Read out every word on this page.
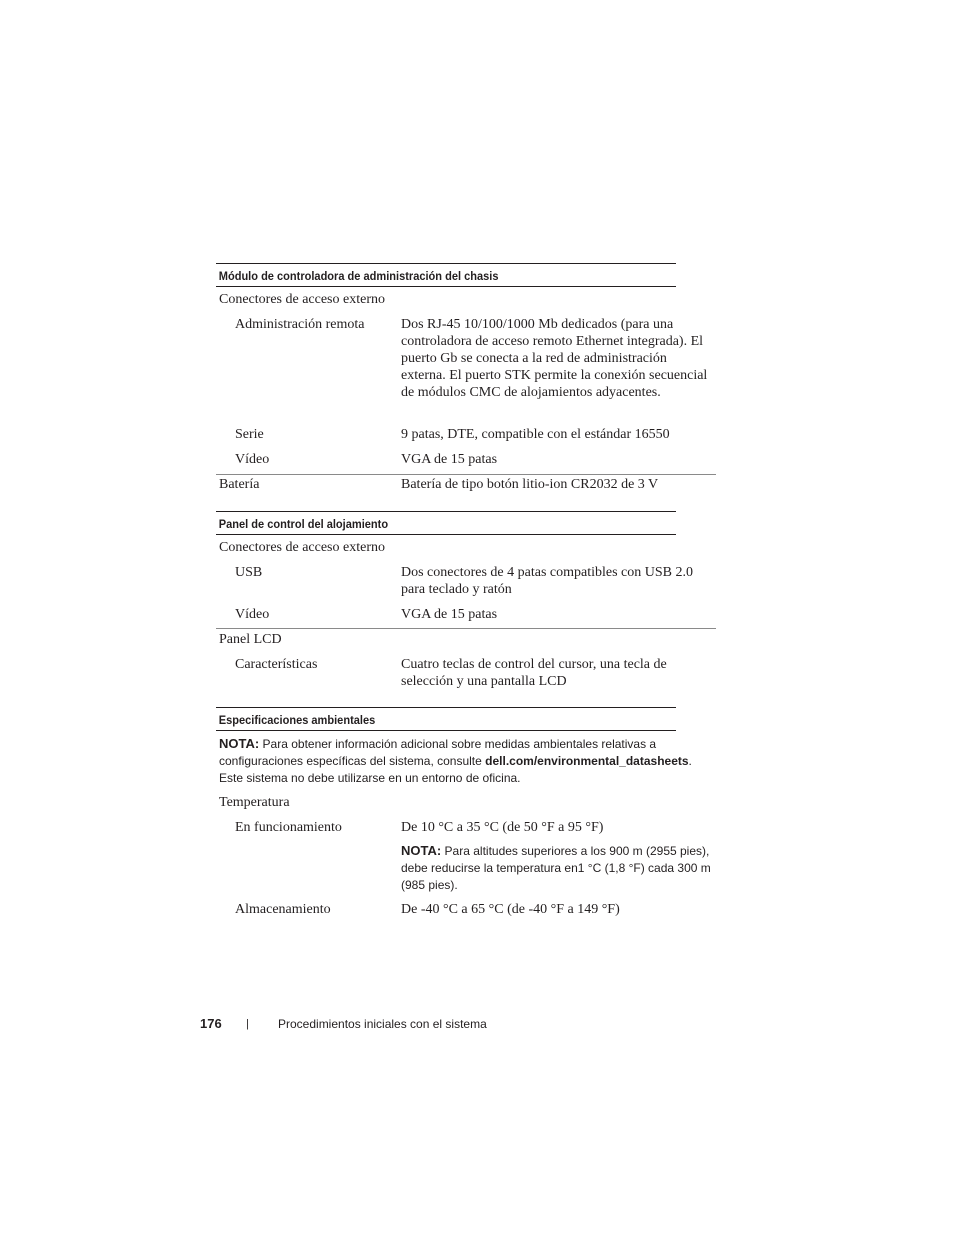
Módulo de controladora de administración del chasis
Conectores de acceso externo
Administración remota	Dos RJ-45 10/100/1000 Mb dedicados (para una controladora de acceso remoto Ethernet integrada). El puerto Gb se conecta a la red de administración externa. El puerto STK permite la conexión secuencial de módulos CMC de alojamientos adyacentes.
Serie	9 patas, DTE, compatible con el estándar 16550
Vídeo	VGA de 15 patas
Batería	Batería de tipo botón litio-ion CR2032 de 3 V
Panel de control del alojamiento
Conectores de acceso externo
USB	Dos conectores de 4 patas compatibles con USB 2.0 para teclado y ratón
Vídeo	VGA de 15 patas
Panel LCD
Características	Cuatro teclas de control del cursor, una tecla de selección y una pantalla LCD
Especificaciones ambientales
NOTA: Para obtener información adicional sobre medidas ambientales relativas a configuraciones específicas del sistema, consulte dell.com/environmental_datasheets. Este sistema no debe utilizarse en un entorno de oficina.
Temperatura
En funcionamiento	De 10 °C a 35 °C (de 50 °F a 95 °F)
NOTA: Para altitudes superiores a los 900 m (2955 pies), debe reducirse la temperatura en1 °C (1,8 °F) cada 300 m (985 pies).
Almacenamiento	De -40 °C a 65 °C (de -40 °F a 149 °F)
176 | Procedimientos iniciales con el sistema
